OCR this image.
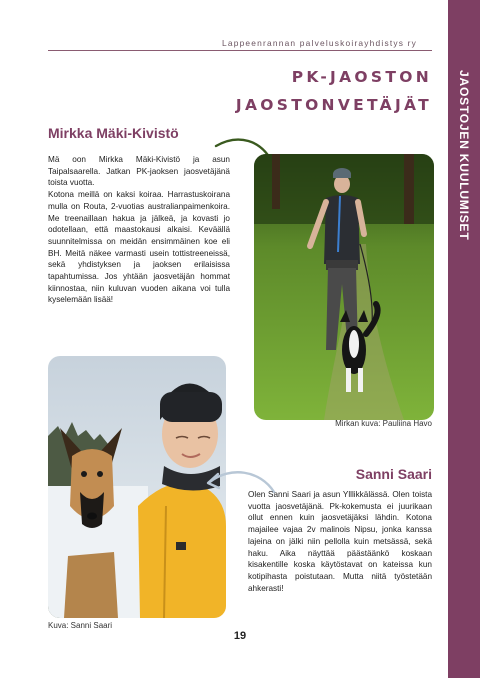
Lappeenrannan palveluskoirayhdistys ry
JAOSTOJEN KUULUMISET
PK-JAOSTON
JAOSTONVETÄJÄT
Mirkka Mäki-Kivistö
Mä oon Mirkka Mäki-Kivistö ja asun Taipalsaarella. Jatkan PK-jaoksen jaosvetäjänä toista vuotta.
Kotona meillä on kaksi koiraa. Harrastuskoirana mulla on Routa, 2-vuotias australianpaimenkoira. Me treenaillaan hakua ja jälkeä, ja kovasti jo odotellaan, että maastokausi alkaisi. Keväällä suunnitelmissa on meidän ensimmäinen koe eli BH. Meitä näkee varmasti usein tottistreeneissä, sekä yhdistyksen ja jaoksen erilaisissa tapahtumissa. Jos yhtään jaosvetäjän hommat kiinnostaa, niin kuluvan vuoden aikana voi tulla kyselemään lisää!
Mirkan kuva: Pauliina Havo
Kuva: Sanni Saari
Sanni Saari
Olen Sanni Saari ja asun Ylllikkälässä. Olen toista vuotta jaosvetäjänä. Pk-kokemusta ei juurikaan ollut ennen kuin jaosvetäjäksi lähdin. Kotona majailee vajaa 2v malinois Nipsu, jonka kanssa lajeina on jälki niin pellolla kuin metsässä, sekä haku. Aika näyttää päästäänkö koskaan kisakentille koska käytöstavat on kateissa kun kotipihasta poistutaan. Mutta niitä työstetään ahkerasti!
19
